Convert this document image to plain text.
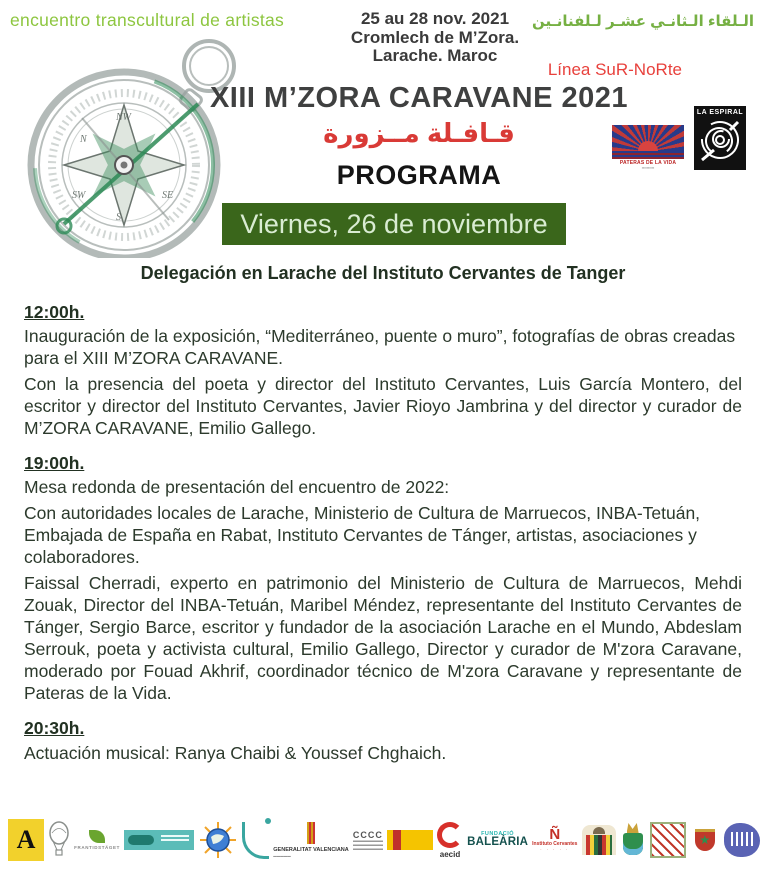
encuentro transcultural de artistas	25 au 28 nov. 2021
Cromlech de M’Zora.
Larache. Maroc
الـلقاء الـثانـي عشـر لـلفنانـين
Línea SuR-NoRte
NW
N
SW
S
SE
XIII M’ZORA CARAVANE 2021
قـافـلة مــزورة
PATERAS DE LA VIDA
▪▪▪▪▪▪▪▪▪▪
LA ESPIRAL
PROGRAMA
Viernes, 26 de noviembre
Delegación en Larache del Instituto Cervantes de Tanger
12:00h.

Inauguración de la exposición, “Mediterráneo, puente o muro”, fotografías de obras creadas para el XIII M’ZORA CARAVANE.

Con la presencia del poeta y director del Instituto Cervantes, Luis García Montero, del escritor y director del Instituto Cervantes, Javier Rioyo Jambrina y del director y curador de M’ZORA CARAVANE, Emilio Gallego.

19:00h.

Mesa redonda de presentación del encuentro de 2022:

Con autoridades locales de Larache, Ministerio de Cultura de Marruecos, INBA-Tetuán, Embajada de España en Rabat, Instituto Cervantes de Tánger, artistas, asociaciones y colaboradores.

Faissal Cherradi, experto en patrimonio del Ministerio de Cultura de Marruecos, Mehdi Zouak, Director del INBA-Tetuán, Maribel Méndez, representante del Instituto Cervantes de Tánger, Sergio Barce, escritor y fundador de la asociación Larache en el Mundo, Abdeslam Serrouk, poeta y activista cultural, Emilio Gallego, Director y curador de M'zora Caravane, moderado por Fouad Akhrif, coordinador técnico de M'zora Caravane y representante de Pateras de la Vida.

20:30h.

Actuación musical: Ranya Chaibi & Youssef Chghaich.

A	FRANTIDSTÄGET	GENERALITAT VALENCIANA
▬▬▬▬▬
CCCC
aecid
FUNDACIÓ
BALEÀRIA Ñ
Instituto Cervantes
· · · · ·
